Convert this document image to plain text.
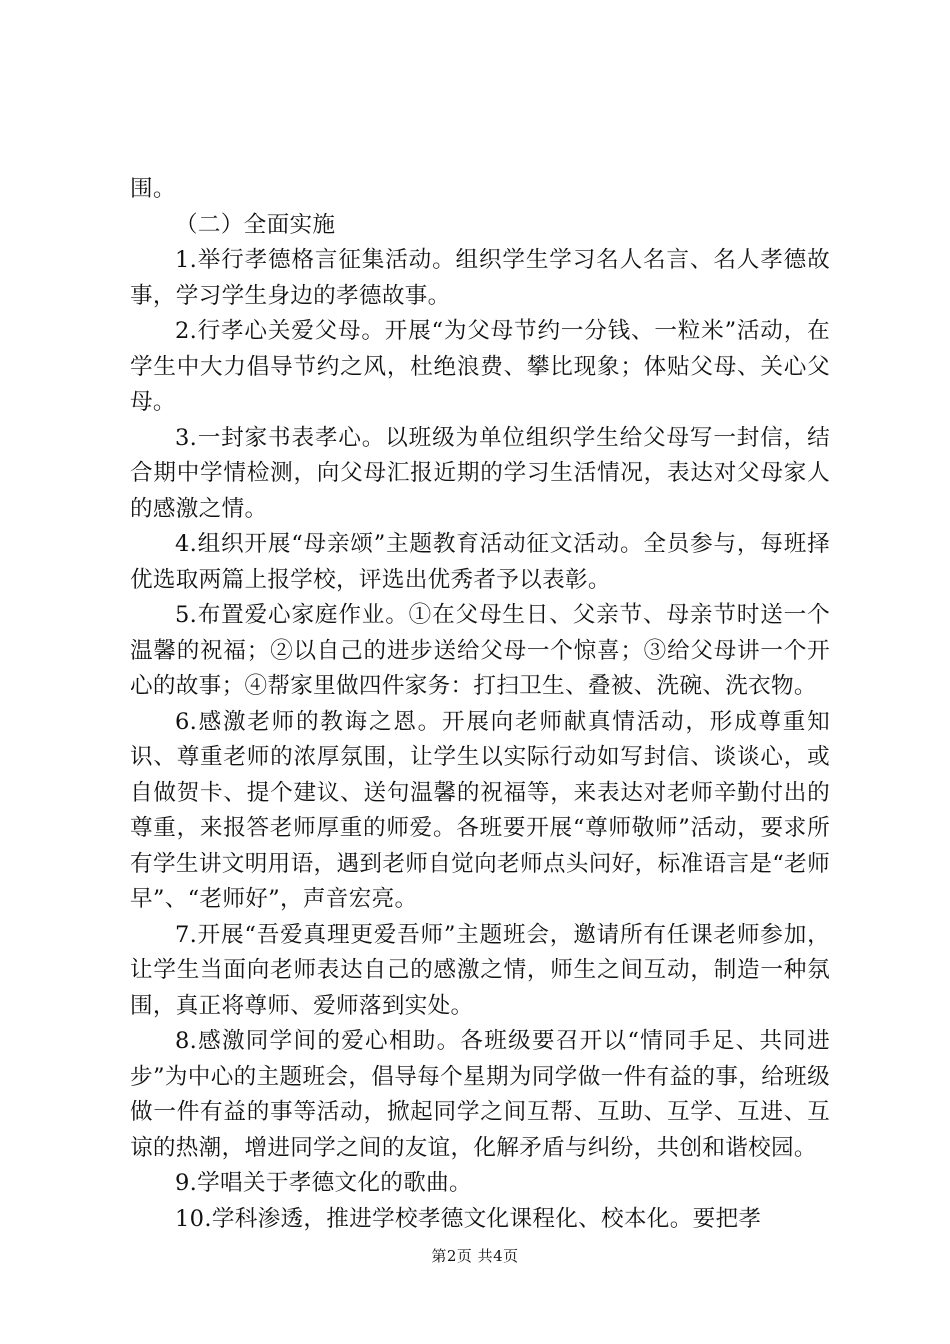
围。

（二）全面实施

1.举行孝德格言征集活动。组织学生学习名人名言、名人孝德故事，学习学生身边的孝德故事。

2.行孝心关爱父母。开展“为父母节约一分钱、一粒米”活动，在学生中大力倡导节约之风，杜绝浪费、攀比现象；体贴父母、关心父母。

3.一封家书表孝心。以班级为单位组织学生给父母写一封信，结合期中学情检测，向父母汇报近期的学习生活情况，表达对父母家人的感激之情。

4.组织开展“母亲颂”主题教育活动征文活动。全员参与，每班择优选取两篇上报学校，评选出优秀者予以表彰。

5.布置爱心家庭作业。①在父母生日、父亲节、母亲节时送一个温馨的祝福；②以自己的进步送给父母一个惊喜；③给父母讲一个开心的故事；④帮家里做四件家务：打扫卫生、叠被、洗碗、洗衣物。

6.感激老师的教诲之恩。开展向老师献真情活动，形成尊重知识、尊重老师的浓厚氛围，让学生以实际行动如写封信、谈谈心，或自做贺卡、提个建议、送句温馨的祝福等，来表达对老师辛勤付出的尊重，来报答老师厚重的师爱。各班要开展“尊师敬师”活动，要求所有学生讲文明用语，遇到老师自觉向老师点头问好，标准语言是“老师早”、“老师好”，声音宏亮。

7.开展“吾爱真理更爱吾师”主题班会，邀请所有任课老师参加，让学生当面向老师表达自己的感激之情，师生之间互动，制造一种氛围，真正将尊师、爱师落到实处。

8.感激同学间的爱心相助。各班级要召开以“情同手足、共同进步”为中心的主题班会，倡导每个星期为同学做一件有益的事，给班级做一件有益的事等活动，掀起同学之间互帮、互助、互学、互进、互谅的热潮，增进同学之间的友谊，化解矛盾与纠纷，共创和谐校园。

9.学唱关于孝德文化的歌曲。

10.学科渗透，推进学校孝德文化课程化、校本化。要把孝

第2页 共4页
